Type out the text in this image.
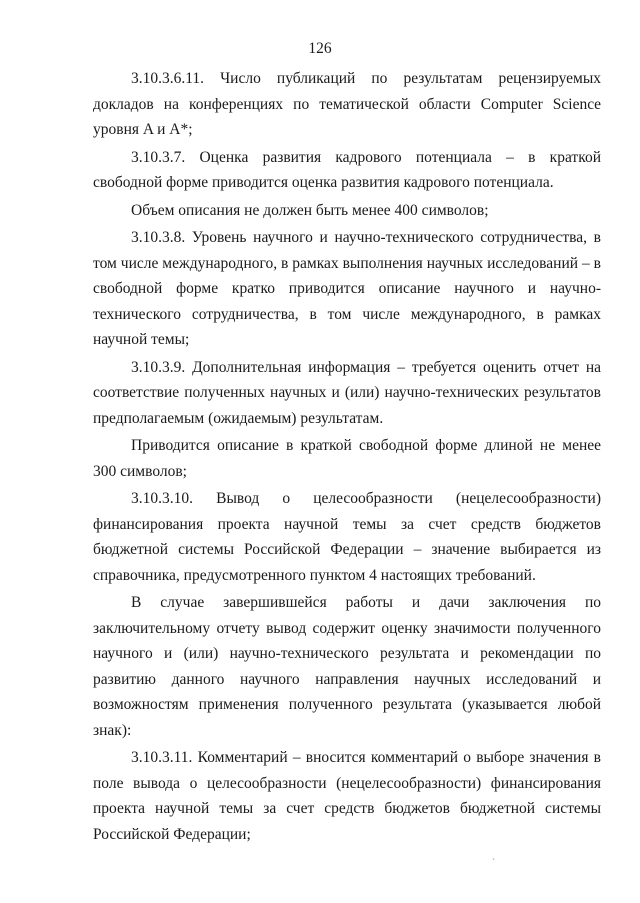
126

3.10.3.6.11. Число публикаций по результатам рецензируемых докладов на конференциях по тематической области Computer Science уровня A и A*;

3.10.3.7. Оценка развития кадрового потенциала – в краткой свободной форме приводится оценка развития кадрового потенциала.

Объем описания не должен быть менее 400 символов;

3.10.3.8. Уровень научного и научно-технического сотрудничества, в том числе международного, в рамках выполнения научных исследований – в свободной форме кратко приводится описание научного и научно-технического сотрудничества, в том числе международного, в рамках научной темы;

3.10.3.9. Дополнительная информация – требуется оценить отчет на соответствие полученных научных и (или) научно-технических результатов предполагаемым (ожидаемым) результатам.

Приводится описание в краткой свободной форме длиной не менее 300 символов;

3.10.3.10. Вывод о целесообразности (нецелесообразности) финансирования проекта научной темы за счет средств бюджетов бюджетной системы Российской Федерации – значение выбирается из справочника, предусмотренного пунктом 4 настоящих требований.

В случае завершившейся работы и дачи заключения по заключительному отчету вывод содержит оценку значимости полученного научного и (или) научно-технического результата и рекомендации по развитию данного научного направления научных исследований и возможностям применения полученного результата (указывается любой знак):

3.10.3.11. Комментарий – вносится комментарий о выборе значения в поле вывода о целесообразности (нецелесообразности) финансирования проекта научной темы за счет средств бюджетов бюджетной системы Российской Федерации;

ˏ
